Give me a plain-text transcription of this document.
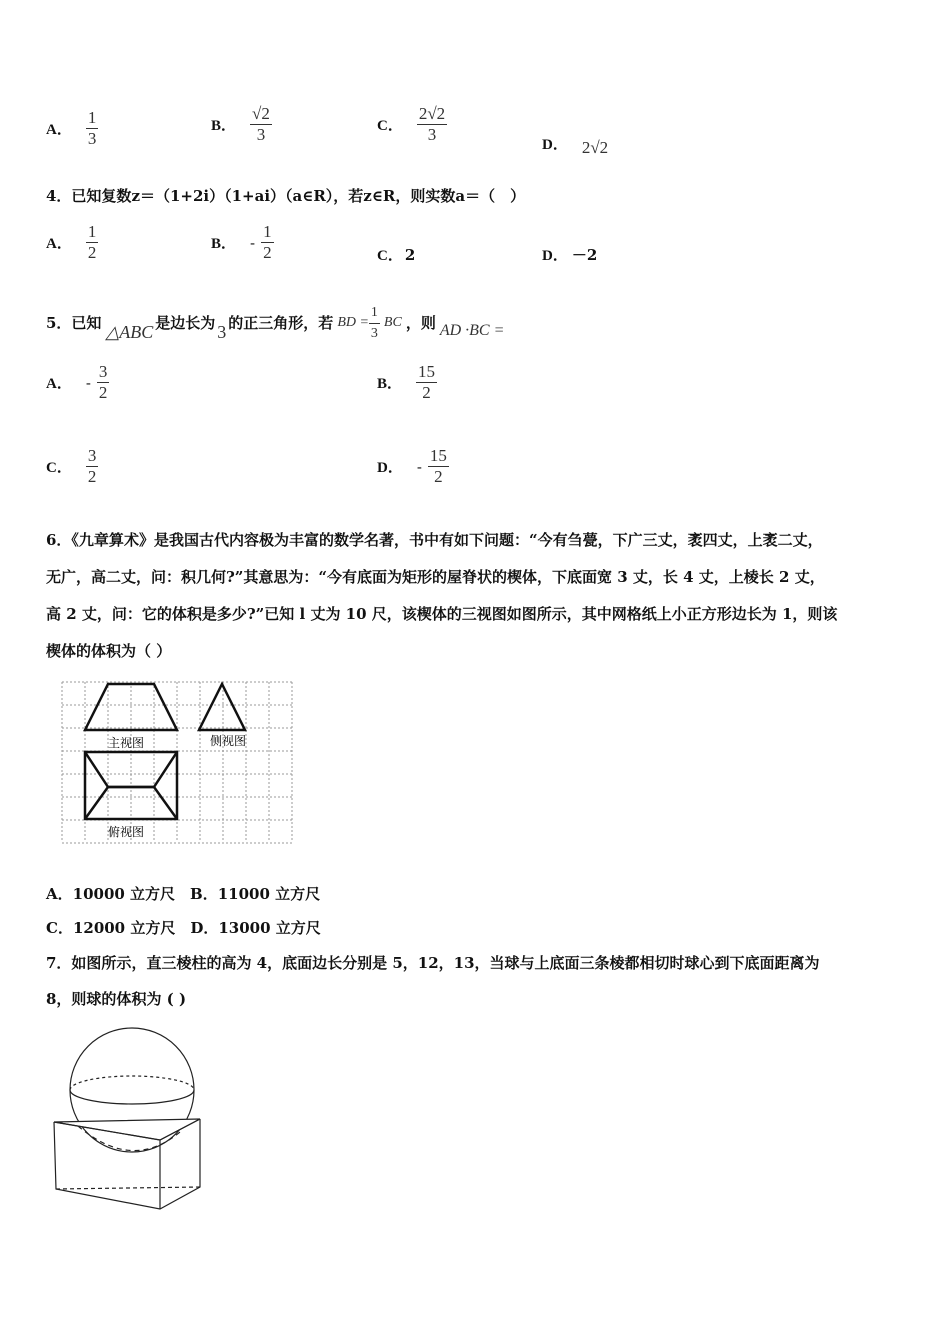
A． $\frac{1}{3}$	B． $\frac{√2}{3}$	C． $\frac{2√2}{3}$	D． 2√2
4．已知复数z＝（1+2i）（1+ai）（a∈R），若z∈R，则实数a＝（　）
A． $\frac{1}{2}$	B． - $\frac{1}{2}$	C． 2	D． －2
5．已知 △ABC 是边长为 3 的正三角形，若 BD = $\frac{1}{3}$ BC ，则 AD ·BC =
A． - $\frac{3}{2}$	B． $\frac{15}{2}$
C． $\frac{3}{2}$	D． - $\frac{15}{2}$
6．《九章算术》是我国古代内容极为丰富的数学名著，书中有如下问题：“今有刍甍，下广三丈，袤四丈，上袤二丈，
无广，高二丈，问：积几何?”其意思为：“今有底面为矩形的屋脊状的楔体，下底面宽 3 丈，长 4 丈，上棱长 2 丈，
高 2 丈，问：它的体积是多少?”已知 l 丈为 10 尺，该楔体的三视图如图所示，其中网格纸上小正方形边长为 1，则该
楔体的体积为（ ）
主视图	侧视图
俯视图
A．10000 立方尺　B．11000 立方尺
C．12000 立方尺　D．13000 立方尺
7．如图所示，直三棱柱的高为 4，底面边长分别是 5，12，13，当球与上底面三条棱都相切时球心到下底面距离为
8，则球的体积为 ( )
